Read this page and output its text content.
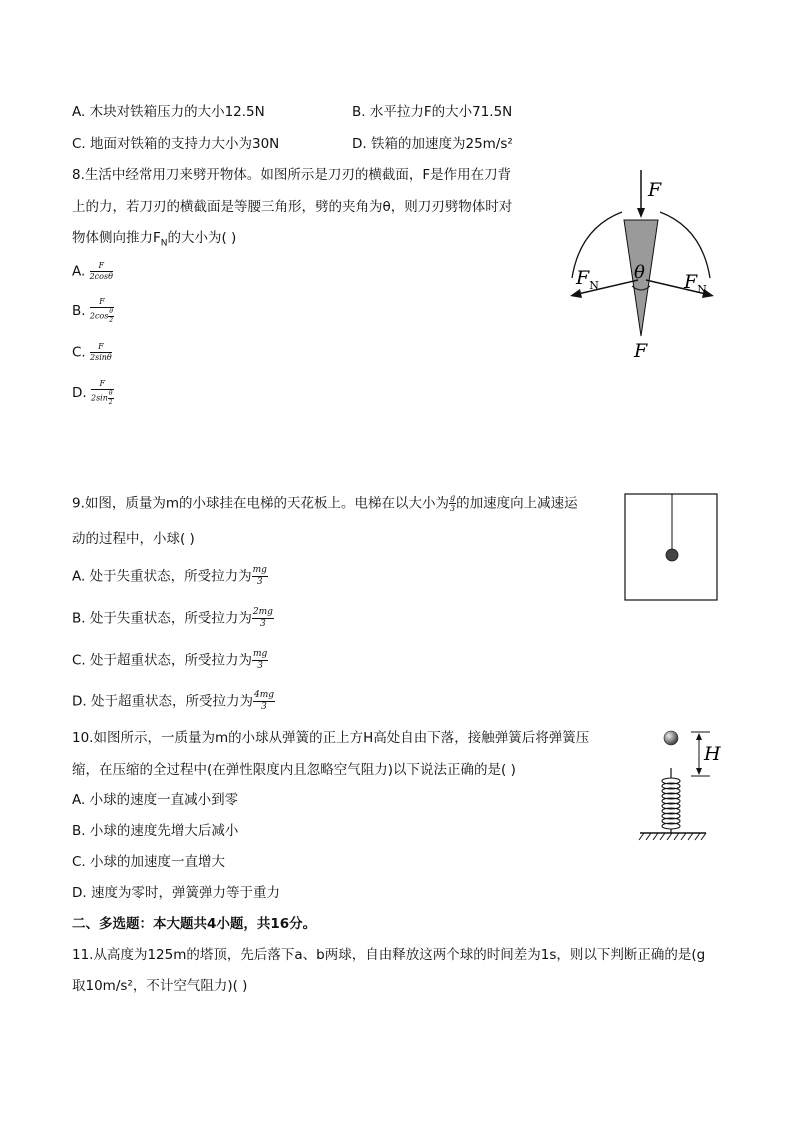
A. 木块对铁箱压力的大小12.5N	B. 水平拉力F的大小71.5N
C. 地面对铁箱的支持力大小为30N	D. 铁箱的加速度为25m/s²
8.生活中经常用刀来劈开物体。如图所示是刀刃的横截面，F是作用在刀背
上的力，若刀刃的横截面是等腰三角形，劈的夹角为θ，则刀刃劈物体时对
物体侧向推力$F_N$的大小为( )
A. $\frac{F}{2\cos\theta}$
B. $\frac{F}{2\cos \frac{\theta}{2}}$
C. $\frac{F}{2\sin\theta}$
D. $\frac{F}{2\sin \frac{\theta}{2}}$
F
$F_N$	$F_N$
θ
F
9.如图，质量为m的小球挂在电梯的天花板上。电梯在以大小为 $\frac{g}{3}$ 的加速度向上减速运
动的过程中，小球( )
A. 处于失重状态，所受拉力为 $\frac{mg}{3}$
B. 处于失重状态，所受拉力为 $\frac{2mg}{3}$
C. 处于超重状态，所受拉力为 $\frac{mg}{3}$
D. 处于超重状态，所受拉力为 $\frac{4mg}{3}$
10.如图所示，一质量为m的小球从弹簧的正上方H高处自由下落，接触弹簧后将弹簧压
缩，在压缩的全过程中(在弹性限度内且忽略空气阻力)以下说法正确的是( )
A. 小球的速度一直减小到零
B. 小球的速度先增大后减小
C. 小球的加速度一直增大
D. 速度为零时，弹簧弹力等于重力
H
二、多选题：本大题共4小题，共16分。
11.从高度为125m的塔顶，先后落下a、b两球，自由释放这两个球的时间差为1s，则以下判断正确的是(g
取10m/s²，不计空气阻力)( )
